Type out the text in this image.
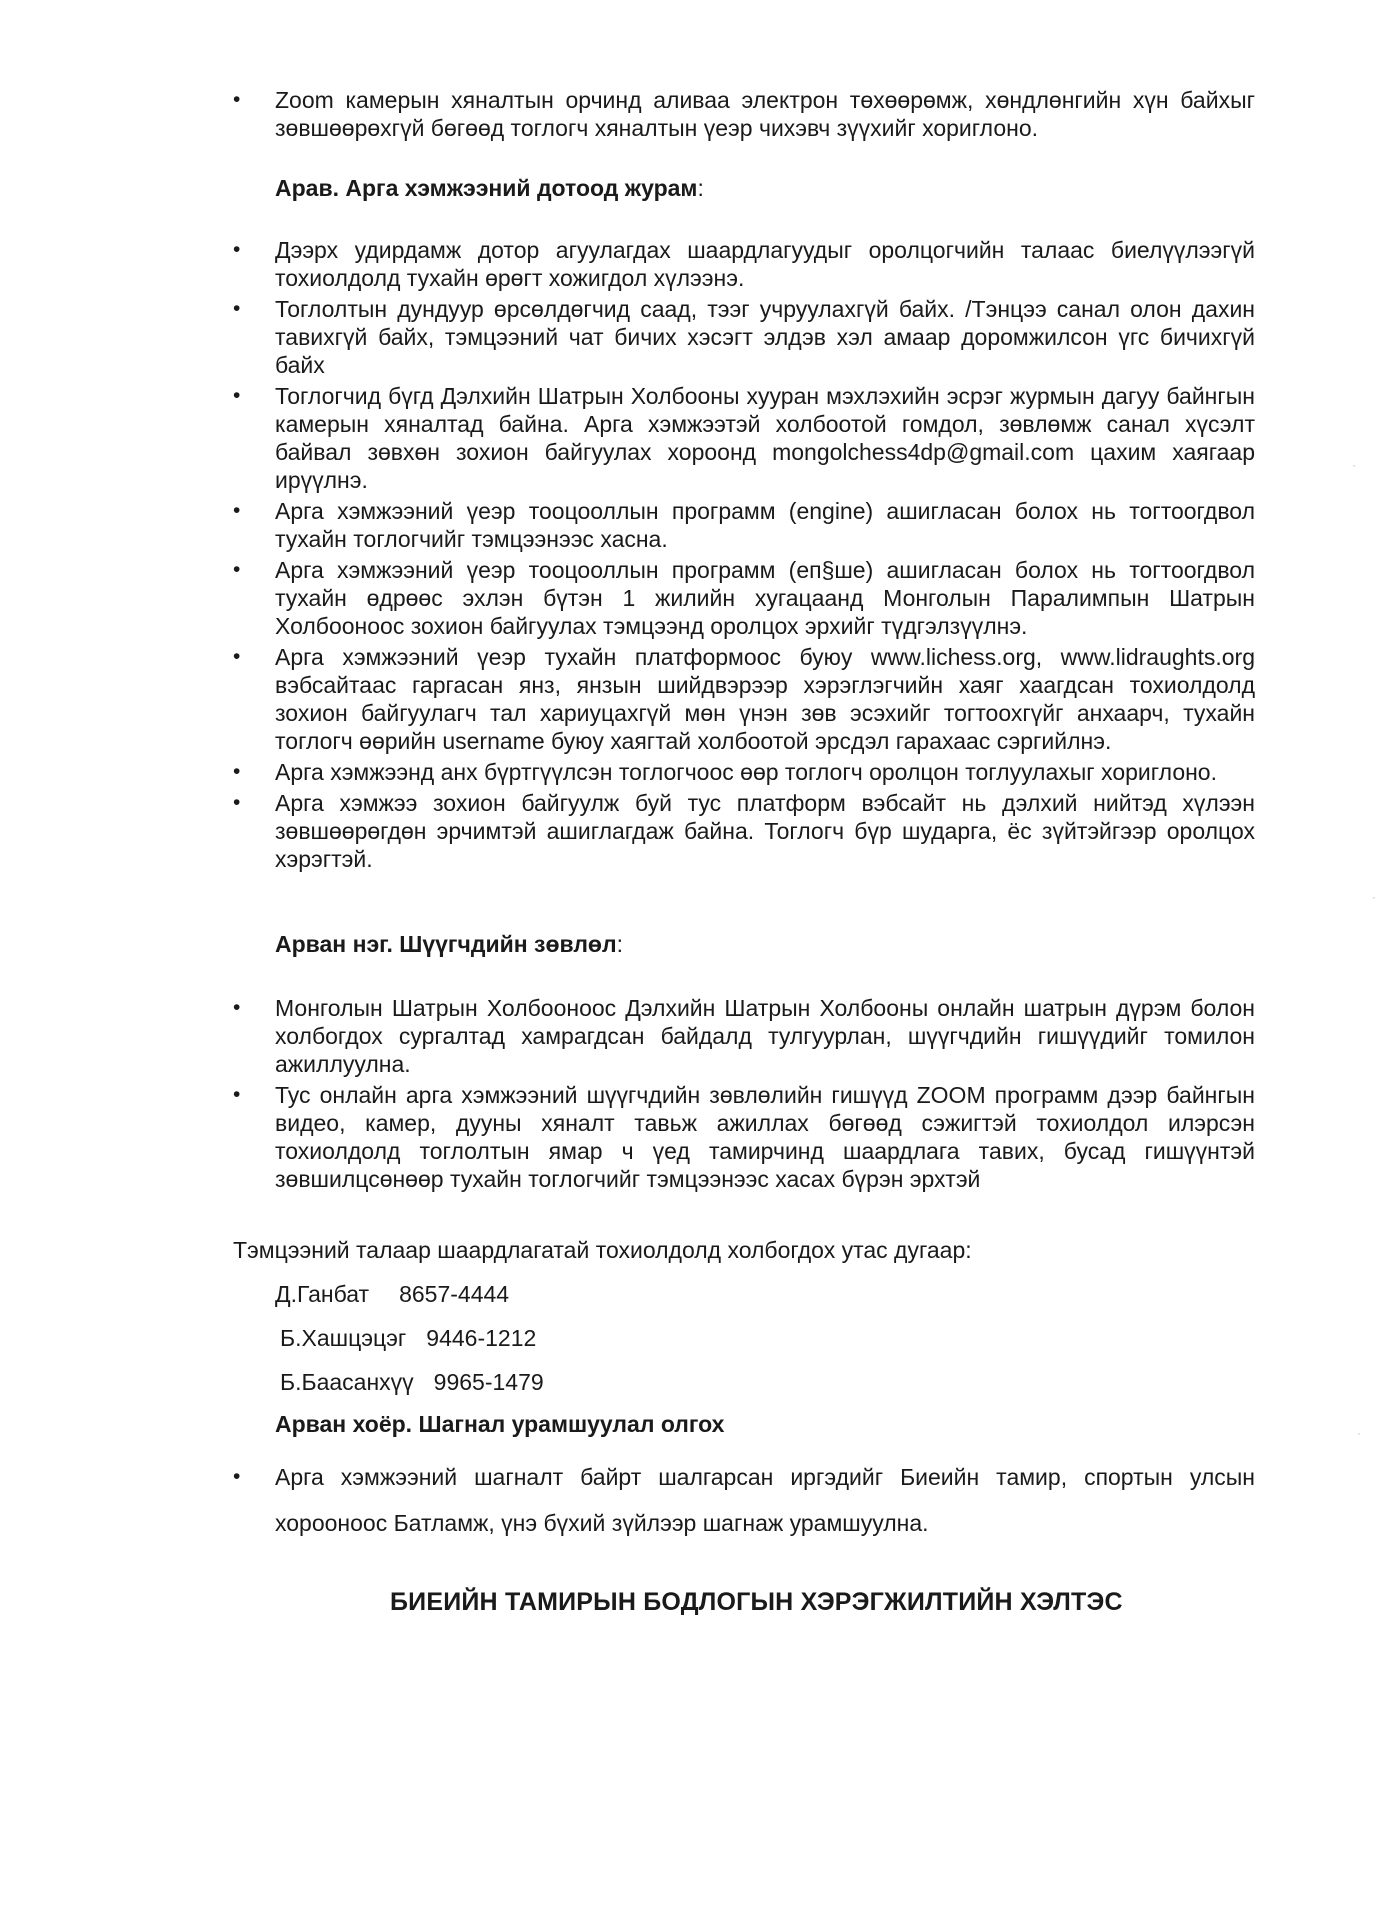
•	Zoom камерын хяналтын орчинд аливаа электрон төхөөрөмж, хөндлөнгийн хүн байхыг зөвшөөрөхгүй бөгөөд тоглогч хяналтын үеэр чихэвч зүүхийг хориглоно.
Арав. Арга хэмжээний дотоод журам:
•	Дээрх удирдамж дотор агуулагдах шаардлагуудыг оролцогчийн талаас биелүүлээгүй тохиолдолд тухайн өрөгт хожигдол хүлээнэ.
•	Тоглолтын дундуур өрсөлдөгчид саад, тээг учруулахгүй байх. /Тэнцээ санал олон дахин тавихгүй байх, тэмцээний чат бичих хэсэгт элдэв хэл амаар доромжилсон үгс бичихгүй байх
•	Тоглогчид бүгд Дэлхийн Шатрын Холбооны хууран мэхлэхийн эсрэг журмын дагуу байнгын камерын хяналтад байна. Арга хэмжээтэй холбоотой гомдол, зөвлөмж санал хүсэлт байвал зөвхөн зохион байгуулах хороонд mongolchess4dp@gmail.com цахим хаягаар ирүүлнэ.
•	Арга хэмжээний үеэр тооцооллын программ (engine) ашигласан болох нь тогтоогдвол тухайн тоглогчийг тэмцээнээс хасна.
•	Арга хэмжээний үеэр тооцооллын программ (еп§ше) ашигласан болох нь тогтоогдвол тухайн өдрөөс эхлэн бүтэн 1 жилийн хугацаанд Монголын Паралимпын Шатрын Холбооноос зохион байгуулах тэмцээнд оролцох эрхийг түдгэлзүүлнэ.
•	Арга хэмжээний үеэр тухайн платформоос буюу www.lichess.org, www.lidraughts.org вэбсайтаас гаргасан янз, янзын шийдвэрээр хэрэглэгчийн хаяг хаагдсан тохиолдолд зохион байгуулагч тал хариуцахгүй мөн үнэн зөв эсэхийг тогтоохгүйг анхаарч, тухайн тоглогч өөрийн username буюу хаягтай холбоотой эрсдэл гарахаас сэргийлнэ.
•	Арга хэмжээнд анх бүртгүүлсэн тоглогчоос өөр тоглогч оролцон тоглуулахыг хориглоно.
•	Арга хэмжээ зохион байгуулж буй тус платформ вэбсайт нь дэлхий нийтэд хүлээн зөвшөөрөгдөн эрчимтэй ашиглагдаж байна. Тоглогч бүр шударга, ёс зүйтэйгээр оролцох хэрэгтэй.
Арван нэг. Шүүгчдийн зөвлөл:
•	Монголын Шатрын Холбооноос Дэлхийн Шатрын Холбооны онлайн шатрын дүрэм болон холбогдох сургалтад хамрагдсан байдалд тулгуурлан, шүүгчдийн гишүүдийг томилон ажиллуулна.
•	Тус онлайн арга хэмжээний шүүгчдийн зөвлөлийн гишүүд ZOOM программ дээр байнгын видео, камер, дууны хяналт тавьж ажиллах бөгөөд сэжигтэй тохиолдол илэрсэн тохиолдолд тоглолтын ямар ч үед тамирчинд шаардлага тавих, бусад гишүүнтэй зөвшилцсөнөөр тухайн тоглогчийг тэмцээнээс хасах бүрэн эрхтэй
Тэмцээний талаар шаардлагатай тохиолдолд холбогдох утас дугаар:
Д.Ганбат 8657-4444
Б.Хашцэцэг 9446-1212
Б.Баасанхүү 9965-1479
Арван хоёр. Шагнал урамшуулал олгох
•	Арга хэмжээний шагналт байрт шалгарсан иргэдийг Биеийн тамир, спортын улсын хорооноос Батламж, үнэ бүхий зүйлээр шагнаж урамшуулна.
БИЕИЙН ТАМИРЫН БОДЛОГЫН ХЭРЭГЖИЛТИЙН ХЭЛТЭС
·
·
·
